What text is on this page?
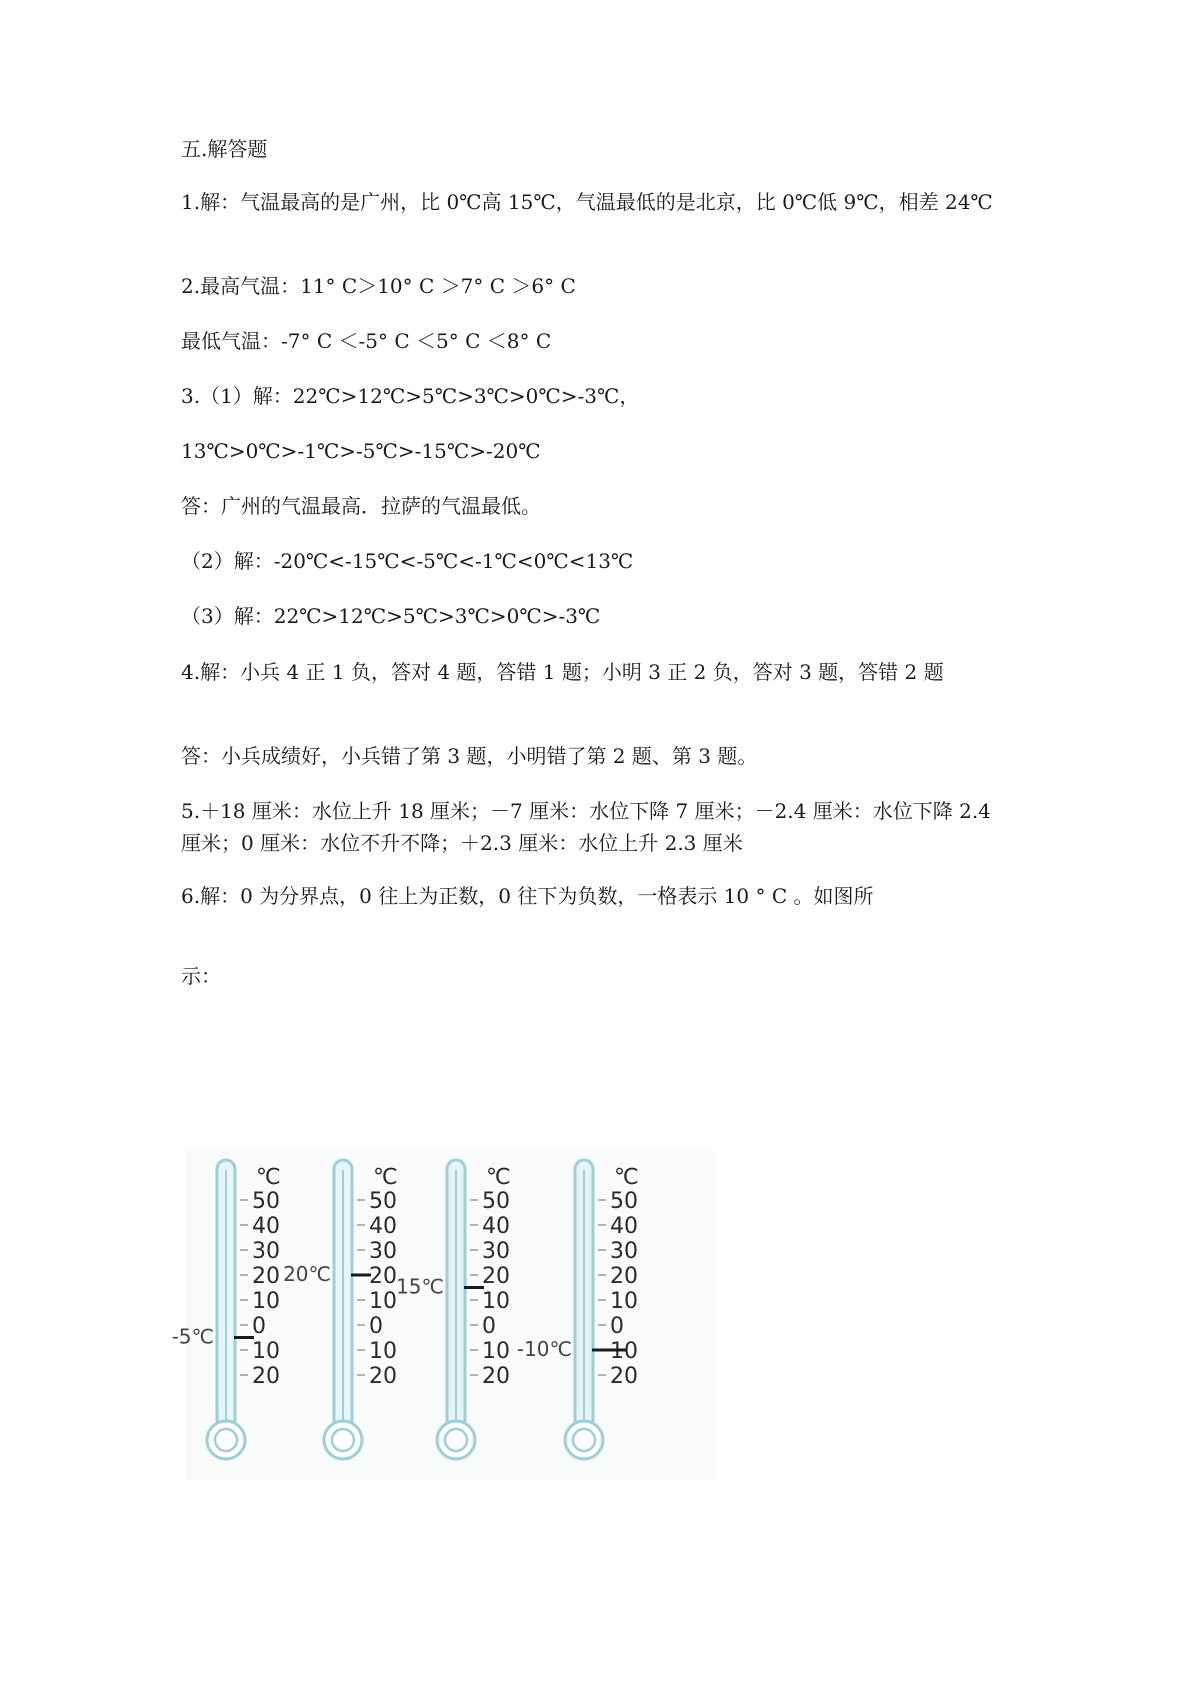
五.解答题
1.解：气温最高的是广州，比 0℃高 15℃，气温最低的是北京，比 0℃低 9℃，相差 24℃
2.最高气温：11° C＞10° C ＞7° C ＞6° C
最低气温：-7° C ＜-5° C ＜5° C ＜8° C
3.（1）解：22℃>12℃>5℃>3℃>0℃>-3℃，
13℃>0℃>-1℃>-5℃>-15℃>-20℃
答：广州的气温最高．拉萨的气温最低。
（2）解：-20℃<-15℃<-5℃<-1℃<0℃<13℃
（3）解：22℃>12℃>5℃>3℃>0℃>-3℃
4.解：小兵 4 正 1 负，答对 4 题，答错 1 题；小明 3 正 2 负，答对 3 题，答错 2 题
答：小兵成绩好，小兵错了第 3 题，小明错了第 2 题、第 3 题。
5.＋18 厘米：水位上升 18 厘米；－7 厘米：水位下降 7 厘米；－2.4 厘米：水位下降 2.4 厘米；0 厘米：水位不升不降；＋2.3 厘米：水位上升 2.3 厘米
6.解：0 为分界点，0 往上为正数，0 往下为负数，一格表示 10 ° C 。如图所
示：
℃
50
40
30
20
10
0
10
20
-5℃
℃
50
40
30
20
10
0
10
20
20℃
℃
50
40
30
20
10
0
10
20
15℃
℃
50
40
30
20
10
0
10
20
-10℃
